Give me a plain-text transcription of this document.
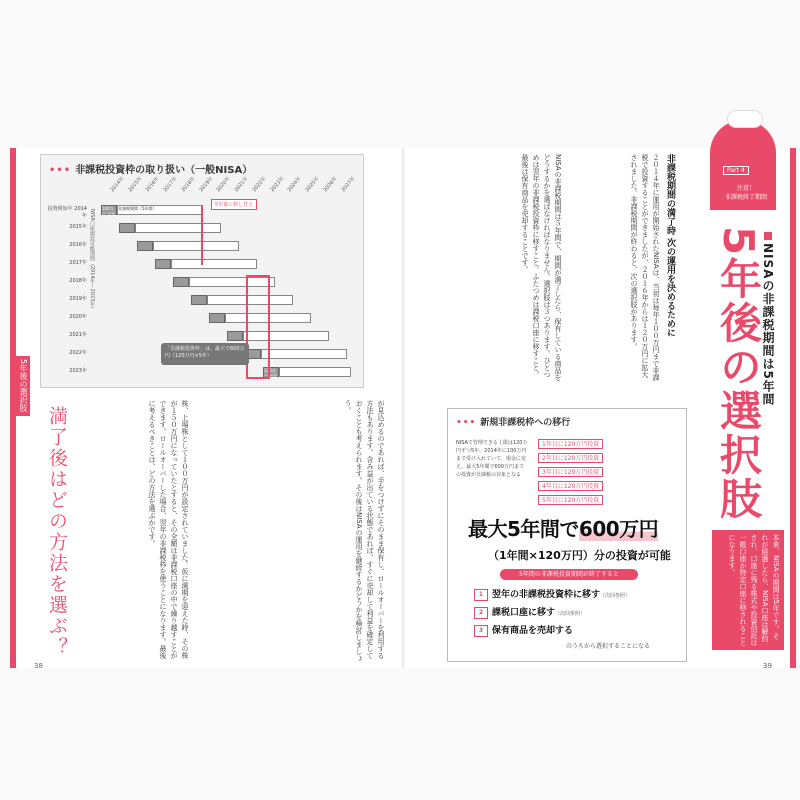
••• 非課税投資枠の取り扱い（一般NISA）
2014年 2015年 2016年 2017年 2018年 2019年 2020年 2021年 2022年 2023年 2024年 2025年 2026年 2027年
NISA口座開設可能期間（2014年〜2023年）
投資開始年 2014年
2015年
2016年
2017年
2018年
2019年
2020年
2021年
2022年
2023年
100万円 投資
非課税期間（5年間）
120万円 投資
5年後に移し替え
「非課税投資枠」は、最大で600万円（120万円×5年）
5年後の選択肢
満了後はどの方法を選ぶ？	株、上場株として１００万円が設定されていました。仮に満期を迎えた時、その株が１５０万円になっていたとすると、その全額は非課税口座の中で繰り越すことができます。ロールオーバーした場合、翌年の非課税枠を使うことになります。最後に考えるべきことは、どの方法を選ぶかです。	が見込めるのであれば、手をつけずにそのまま保有し、ロールオーバーを利用する方法もあります。含み益が出ている状態であれば、すぐに売却して利益を確定しておくことも考えられます。その後はNISAの運用を継続するかどうかを検討しましょう。
38
非課税期間の満了時 次の運用を決めるために
２０１４年に運用が開始されたNISAは、当初は毎年１００万円まで非課税で投資することができましたが、２０１６年からは１２０万円に拡大されました。非課税期間が終わると、次の選択肢があります。
NISAの非課税期間は５年間で、期間が満了したら、保有している商品をどうするかを選ばなければなりません。選択肢は３つあります。ひとつめは翌年の非課税投資枠に移すこと。ふたつめは課税口座に移すこと。最後は保有商品を売却することです。
39
Part 4
注意！
非課税終了期間
5年後の選択肢
NISAの非課税期間は5年間
本来、NISAの期間は5年です。それが経過したら、NISA口座は解約され、口座に残る株式や投資信託は一般口座か特定口座に移されることになります。
••• 新規非課税枠への移行
NISAで管理できる上限は120万円ずつ5年、2014年に100万円まで受け入れていて、現金に変え、最大5年間で600万円までの投資が非課税の対象となる
1年目に120万円投資
2年目に120万円投資
3年目に120万円投資
4年目に120万円投資
5年目に120万円投資
最大5年間で600万円
（1年間×120万円）分の投資が可能
5年間の非課税投資期間が終了すると
1 翌年の非課税投資枠に移す（次回参照）
2 課税口座に移す（次回参照）
3 保有商品を売却する
のうちから選択することになる
